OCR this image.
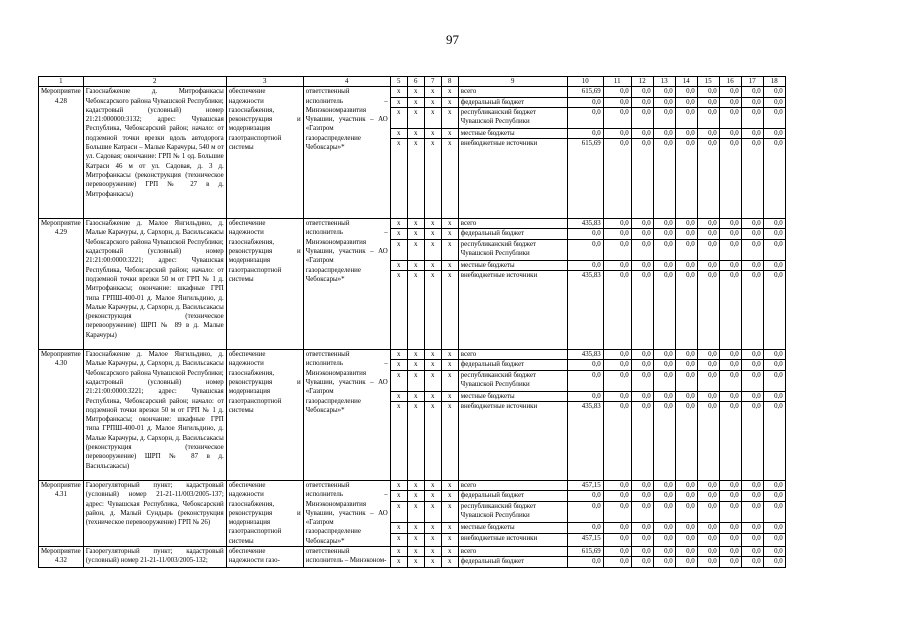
97
1	2	3	4	5	6	7	8	9	10	11	12	13	14	15	16	17	18
Мероприятие 4.28	Газоснабжение д. Митрофанкасы Чебоксарского района Чувашской Республики; кадастровый (условный) номер 21:21:000000:3132; адрес: Чувашская Республика, Чебоксарский район; начало: от подземной точки врезки вдоль автодорога Большие Катраси – Малые Карачуры, 540 м от ул. Садовая; окончание: ГРП № 1 од. Большие Катраси 46 м от ул. Садовая, д. 3 д. Митрофанкасы (реконструкция (техническое перевооружение) ГРП № 27 в д. Митрофанкасы)	обеспечение надежности газоснабжения, реконструкция и модернизация газотранспортной системы	ответственный исполнитель – Минэкономразвития Чувашии, участник – АО «Газпром газораспределение Чебоксары»*	x	x	x	x	всего	615,69	0,0	0,0	0,0	0,0	0,0	0,0	0,0	0,0
				x	x	x	x	федеральный бюджет	0,0	0,0	0,0	0,0	0,0	0,0	0,0	0,0	0,0
				x	x	x	x	республиканский бюджет Чувашской Республики	0,0	0,0	0,0	0,0	0,0	0,0	0,0	0,0	0,0
				x	x	x	x	местные бюджеты	0,0	0,0	0,0	0,0	0,0	0,0	0,0	0,0	0,0
				x	x	x	x	внебюджетные источники	615,69	0,0	0,0	0,0	0,0	0,0	0,0	0,0	0,0
Мероприятие 4.29	Газоснабжение д. Малое Янгильдино, д. Малые Карачуры, д. Сархорн, д. Васильсакасы Чебоксарского района Чувашской Республики; кадастровый (условный) номер 21:21:00:0000:3221; адрес: Чувашская Республика, Чебоксарский район; начало: от подземной точки врезки 50 м от ГРП № 1 д. Митрофанкасы; окончание: шкафные ГРП типа ГРПШ-400-01 д. Малое Янгильдино, д. Малые Карачуры, д. Сархорн, д. Васильсакасы (реконструкция (техническое перевооружение) ШРП № 89 в д. Малые Карачуры)	обеспечение надежности газоснабжения, реконструкция и модернизация газотранспортной системы	ответственный исполнитель – Минэкономразвития Чувашии, участник – АО «Газпром газораспределение Чебоксары»*	x	x	x	x	всего	435,83	0,0	0,0	0,0	0,0	0,0	0,0	0,0	0,0
				x	x	x	x	федеральный бюджет	0,0	0,0	0,0	0,0	0,0	0,0	0,0	0,0	0,0
				x	x	x	x	республиканский бюджет Чувашской Республики	0,0	0,0	0,0	0,0	0,0	0,0	0,0	0,0	0,0
				x	x	x	x	местные бюджеты	0,0	0,0	0,0	0,0	0,0	0,0	0,0	0,0	0,0
				x	x	x	x	внебюджетные источники	435,83	0,0	0,0	0,0	0,0	0,0	0,0	0,0	0,0
Мероприятие 4.30	Газоснабжение д. Малое Янгильдино, д. Малые Карачуры, д. Сархорн, д. Васильсакасы Чебоксарского района Чувашской Республики; кадастровый (условный) номер 21:21:00:0000:3221; адрес: Чувашская Республика, Чебоксарский район; начало: от подземной точки врезки 50 м от ГРП № 1 д. Митрофанкасы; окончание: шкафные ГРП типа ГРПШ-400-01 д. Малое Янгильдино, д. Малые Карачуры, д. Сархорн, д. Васильсакасы (реконструкция (техническое перевооружение) ШРП № 87 в д. Васильсакасы)	обеспечение надежности газоснабжения, реконструкция и модернизация газотранспортной системы	ответственный исполнитель – Минэкономразвития Чувашии, участник – АО «Газпром газораспределение Чебоксары»*	x	x	x	x	всего	435,83	0,0	0,0	0,0	0,0	0,0	0,0	0,0	0,0
				x	x	x	x	федеральный бюджет	0,0	0,0	0,0	0,0	0,0	0,0	0,0	0,0	0,0
				x	x	x	x	республиканский бюджет Чувашской Республики	0,0	0,0	0,0	0,0	0,0	0,0	0,0	0,0	0,0
				x	x	x	x	местные бюджеты	0,0	0,0	0,0	0,0	0,0	0,0	0,0	0,0	0,0
				x	x	x	x	внебюджетные источники	435,83	0,0	0,0	0,0	0,0	0,0	0,0	0,0	0,0
Мероприятие 4.31	Газорегуляторный пункт; кадастровый (условный) номер 21-21-11/003/2005-137; адрес: Чувашская Республика, Чебоксарский район, д. Малый Сундырь (реконструкция (техническое перевооружение) ГРП № 26)	обеспечение надежности газоснабжения, реконструкция и модернизация газотранспортной системы	ответственный исполнитель – Минэкономразвития Чувашии, участник – АО «Газпром газораспределение Чебоксары»*	x	x	x	x	всего	457,15	0,0	0,0	0,0	0,0	0,0	0,0	0,0	0,0
				x	x	x	x	федеральный бюджет	0,0	0,0	0,0	0,0	0,0	0,0	0,0	0,0	0,0
				x	x	x	x	республиканский бюджет Чувашской Республики	0,0	0,0	0,0	0,0	0,0	0,0	0,0	0,0	0,0
				x	x	x	x	местные бюджеты	0,0	0,0	0,0	0,0	0,0	0,0	0,0	0,0	0,0
				x	x	x	x	внебюджетные источники	457,15	0,0	0,0	0,0	0,0	0,0	0,0	0,0	0,0
Мероприятие 4.32	Газорегуляторный пункт; кадастровый (условный) номер 21-21-11/003/2005-132;	обеспечение надежности газо-	ответственный исполнитель – Минэконом-	x	x	x	x	всего	615,69	0,0	0,0	0,0	0,0	0,0	0,0	0,0	0,0
				x	x	x	x	федеральный бюджет	0,0	0,0	0,0	0,0	0,0	0,0	0,0	0,0	0,0
